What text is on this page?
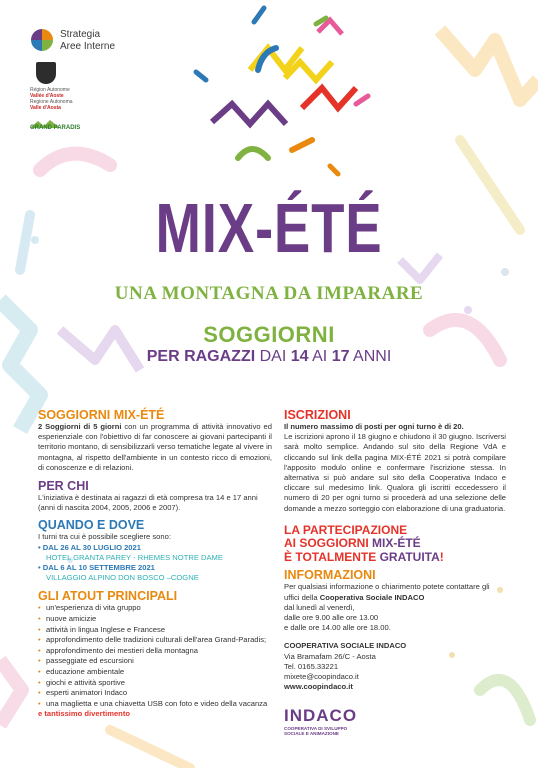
Strategia
Aree Interne
Région Autonome
Vallée d'Aoste
Regione Autonoma
Valle d'Aosta
GRAND PARADIS
MIX-ÉTÉ
UNA MONTAGNA DA IMPARARE
SOGGIORNI
PER RAGAZZI DAI 14 AI 17 ANNI
SOGGIORNI MIX-ÉTÉ
2 Soggiorni di 5 giorni con un programma di attività innovativo ed esperienziale con l'obiettivo di far conoscere ai giovani partecipanti il territorio montano, di sensibilizzarli verso tematiche legate al vivere in montagna, al rispetto dell'ambiente in un contesto ricco di emozioni, di conoscenze e di relazioni.
PER CHI
L'iniziativa è destinata ai ragazzi di età compresa tra 14 e 17 anni (anni di nascita 2004, 2005, 2006 e 2007).
QUANDO E DOVE
I turni tra cui è possibile scegliere sono:
• DAL 26 AL 30 LUGLIO 2021
HOTEL GRANTA PAREY - RHEMES NOTRE DAME
• DAL 6 AL 10 SETTEMBRE 2021
VILLAGGIO ALPINO DON BOSCO –COGNE
GLI ATOUT PRINCIPALI
• un'esperienza di vita gruppo
• nuove amicizie
• attività in lingua Inglese e Francese
• approfondimento delle tradizioni culturali dell'area Grand-Paradis;
• approfondimento dei mestieri della montagna
• passeggiate ed escursioni
• educazione ambientale
• giochi e attività sportive
• esperti animatori Indaco
• una maglietta e una chiavetta USB con foto e video della vacanza
e tantissimo divertimento
ISCRIZIONI
Il numero massimo di posti per ogni turno è di 20.
Le iscrizioni aprono il 18 giugno e chiudono il 30 giugno. Iscriversi sarà molto semplice. Andando sul sito della Regione VdA e cliccando sul link della pagina MIX-ÉTÉ 2021 si potrà compilare l'apposito modulo online e confermare l'iscrizione stessa. In alternativa si può andare sul sito della Cooperativa Indaco e cliccare sul medesimo link. Qualora gli iscritti eccedessero il numero di 20 per ogni turno si procederà ad una selezione delle domande a mezzo sorteggio con elaborazione di una graduatoria.
LA PARTECIPAZIONE
AI SOGGIORNI MIX-ÉTÉ
È TOTALMENTE GRATUITA!
INFORMAZIONI
Per qualsiasi informazione o chiarimento potete contattare gli uffici della Cooperativa Sociale INDACO
dal lunedì al venerdì,
dalle ore 9.00 alle ore 13.00
e dalle ore 14.00 alle ore 18.00.
COOPERATIVA SOCIALE INDACO
Via Bramafam 26/C - Aosta
Tel. 0165.33221
mixete@coopindaco.it
www.coopindaco.it
INDACO
COOPERATIVA DI SVILUPPO
SOCIALE E ANIMAZIONE
